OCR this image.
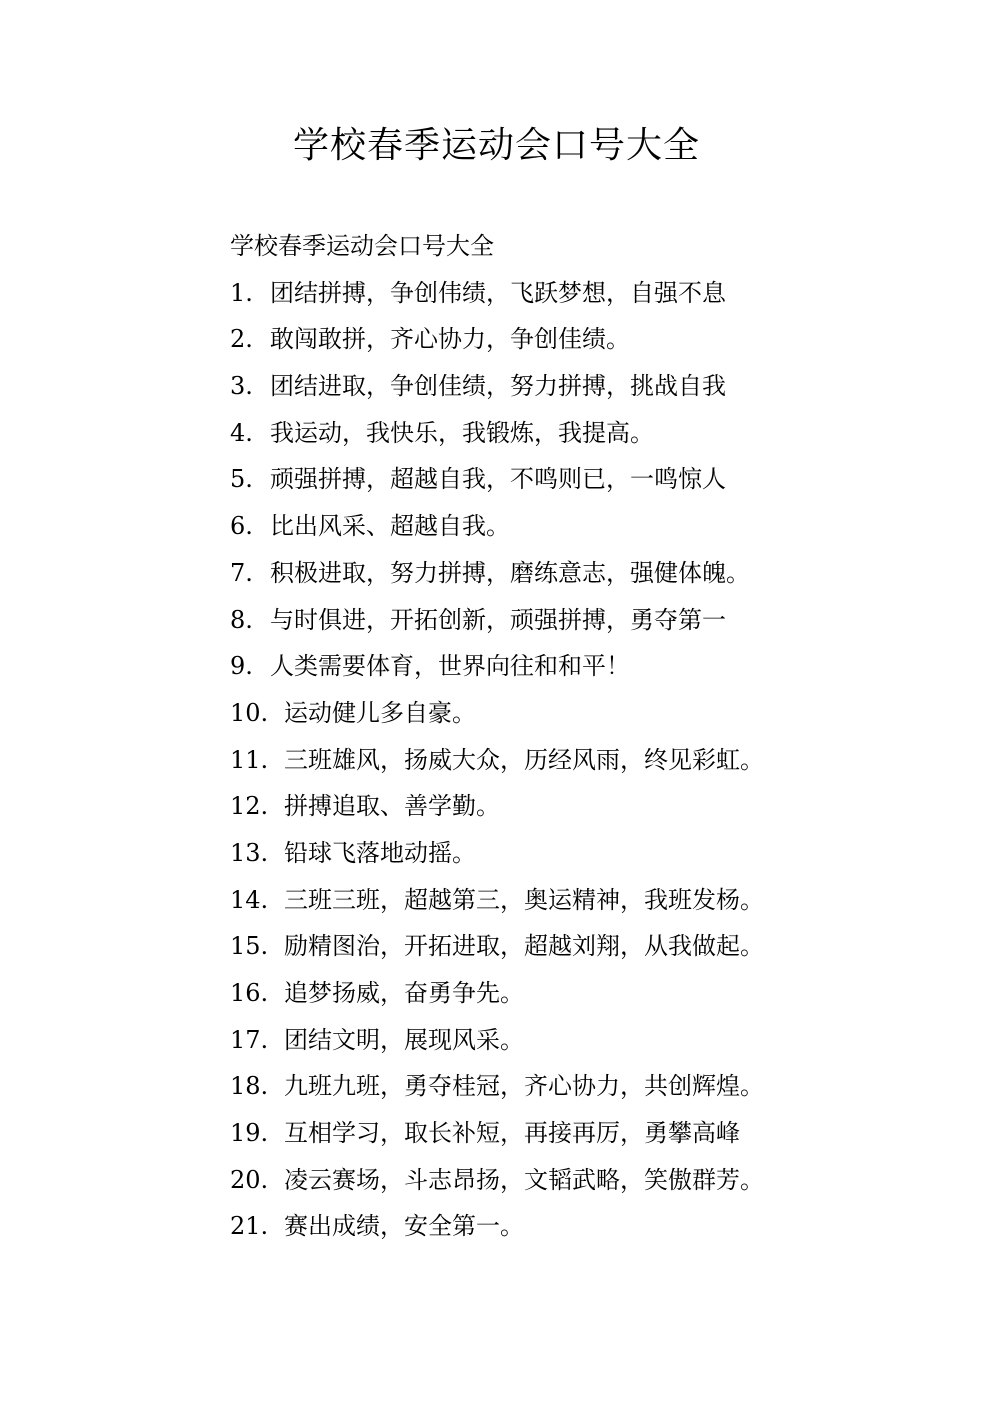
学校春季运动会口号大全
学校春季运动会口号大全
1. 团结拼搏，争创伟绩，飞跃梦想，自强不息
2. 敢闯敢拼，齐心协力，争创佳绩。
3. 团结进取，争创佳绩，努力拼搏，挑战自我
4. 我运动，我快乐，我锻炼，我提高。
5. 顽强拼搏，超越自我，不鸣则已，一鸣惊人
6. 比出风采、超越自我。
7. 积极进取，努力拼搏，磨练意志，强健体魄。
8. 与时俱进，开拓创新，顽强拼搏，勇夺第一
9. 人类需要体育，世界向往和和平！
10. 运动健儿多自豪。
11. 三班雄风，扬威大众，历经风雨，终见彩虹。
12. 拼搏追取、善学勤。
13. 铅球飞落地动摇。
14. 三班三班，超越第三，奥运精神，我班发杨。
15. 励精图治，开拓进取，超越刘翔，从我做起。
16. 追梦扬威，奋勇争先。
17. 团结文明，展现风采。
18. 九班九班，勇夺桂冠，齐心协力，共创辉煌。
19. 互相学习，取长补短，再接再厉，勇攀高峰
20. 凌云赛场，斗志昂扬，文韬武略，笑傲群芳。
21. 赛出成绩，安全第一。
